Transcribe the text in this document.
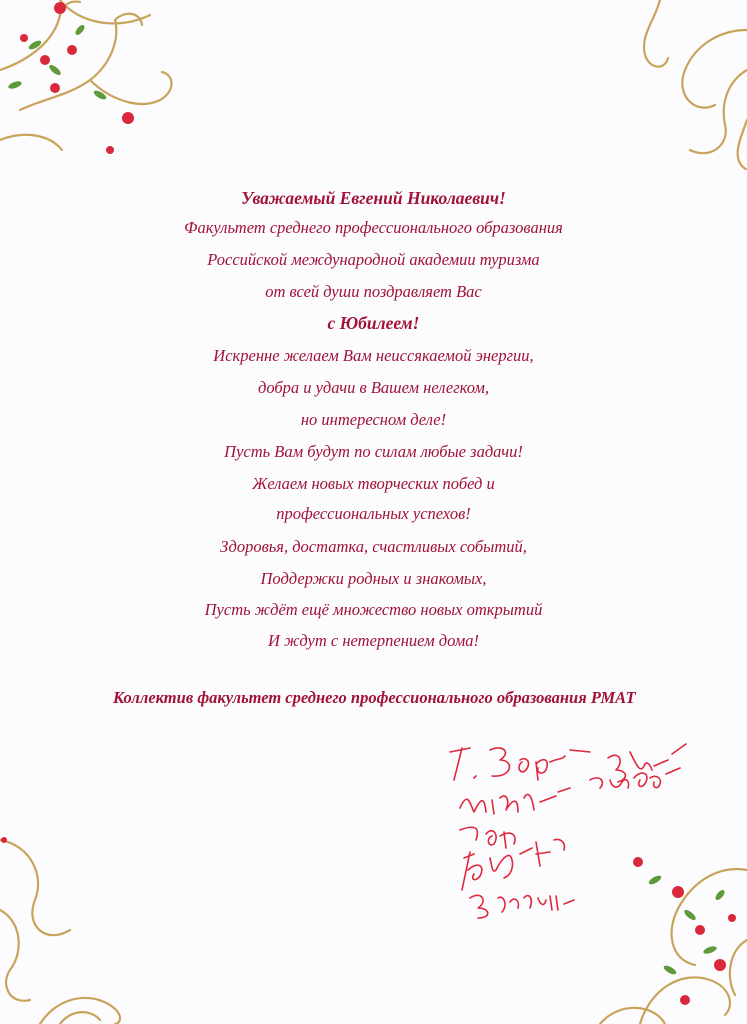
Уважаемый Евгений Николаевич!
Факультет среднего профессионального образования
Российской международной академии туризма
от всей души поздравляет Вас
с Юбилеем!
Искренне желаем Вам неиссякаемой энергии,
добра и удачи в Вашем нелегком,
но интересном деле!
Пусть Вам будут по силам любые задачи!
Желаем новых творческих побед и
профессиональных успехов!
Здоровья, достатка, счастливых событий,
Поддержки родных и знакомых,
Пусть ждёт ещё множество новых открытий
И ждут с нетерпением дома!
Коллектив факультет среднего профессионального образования РМАТ
